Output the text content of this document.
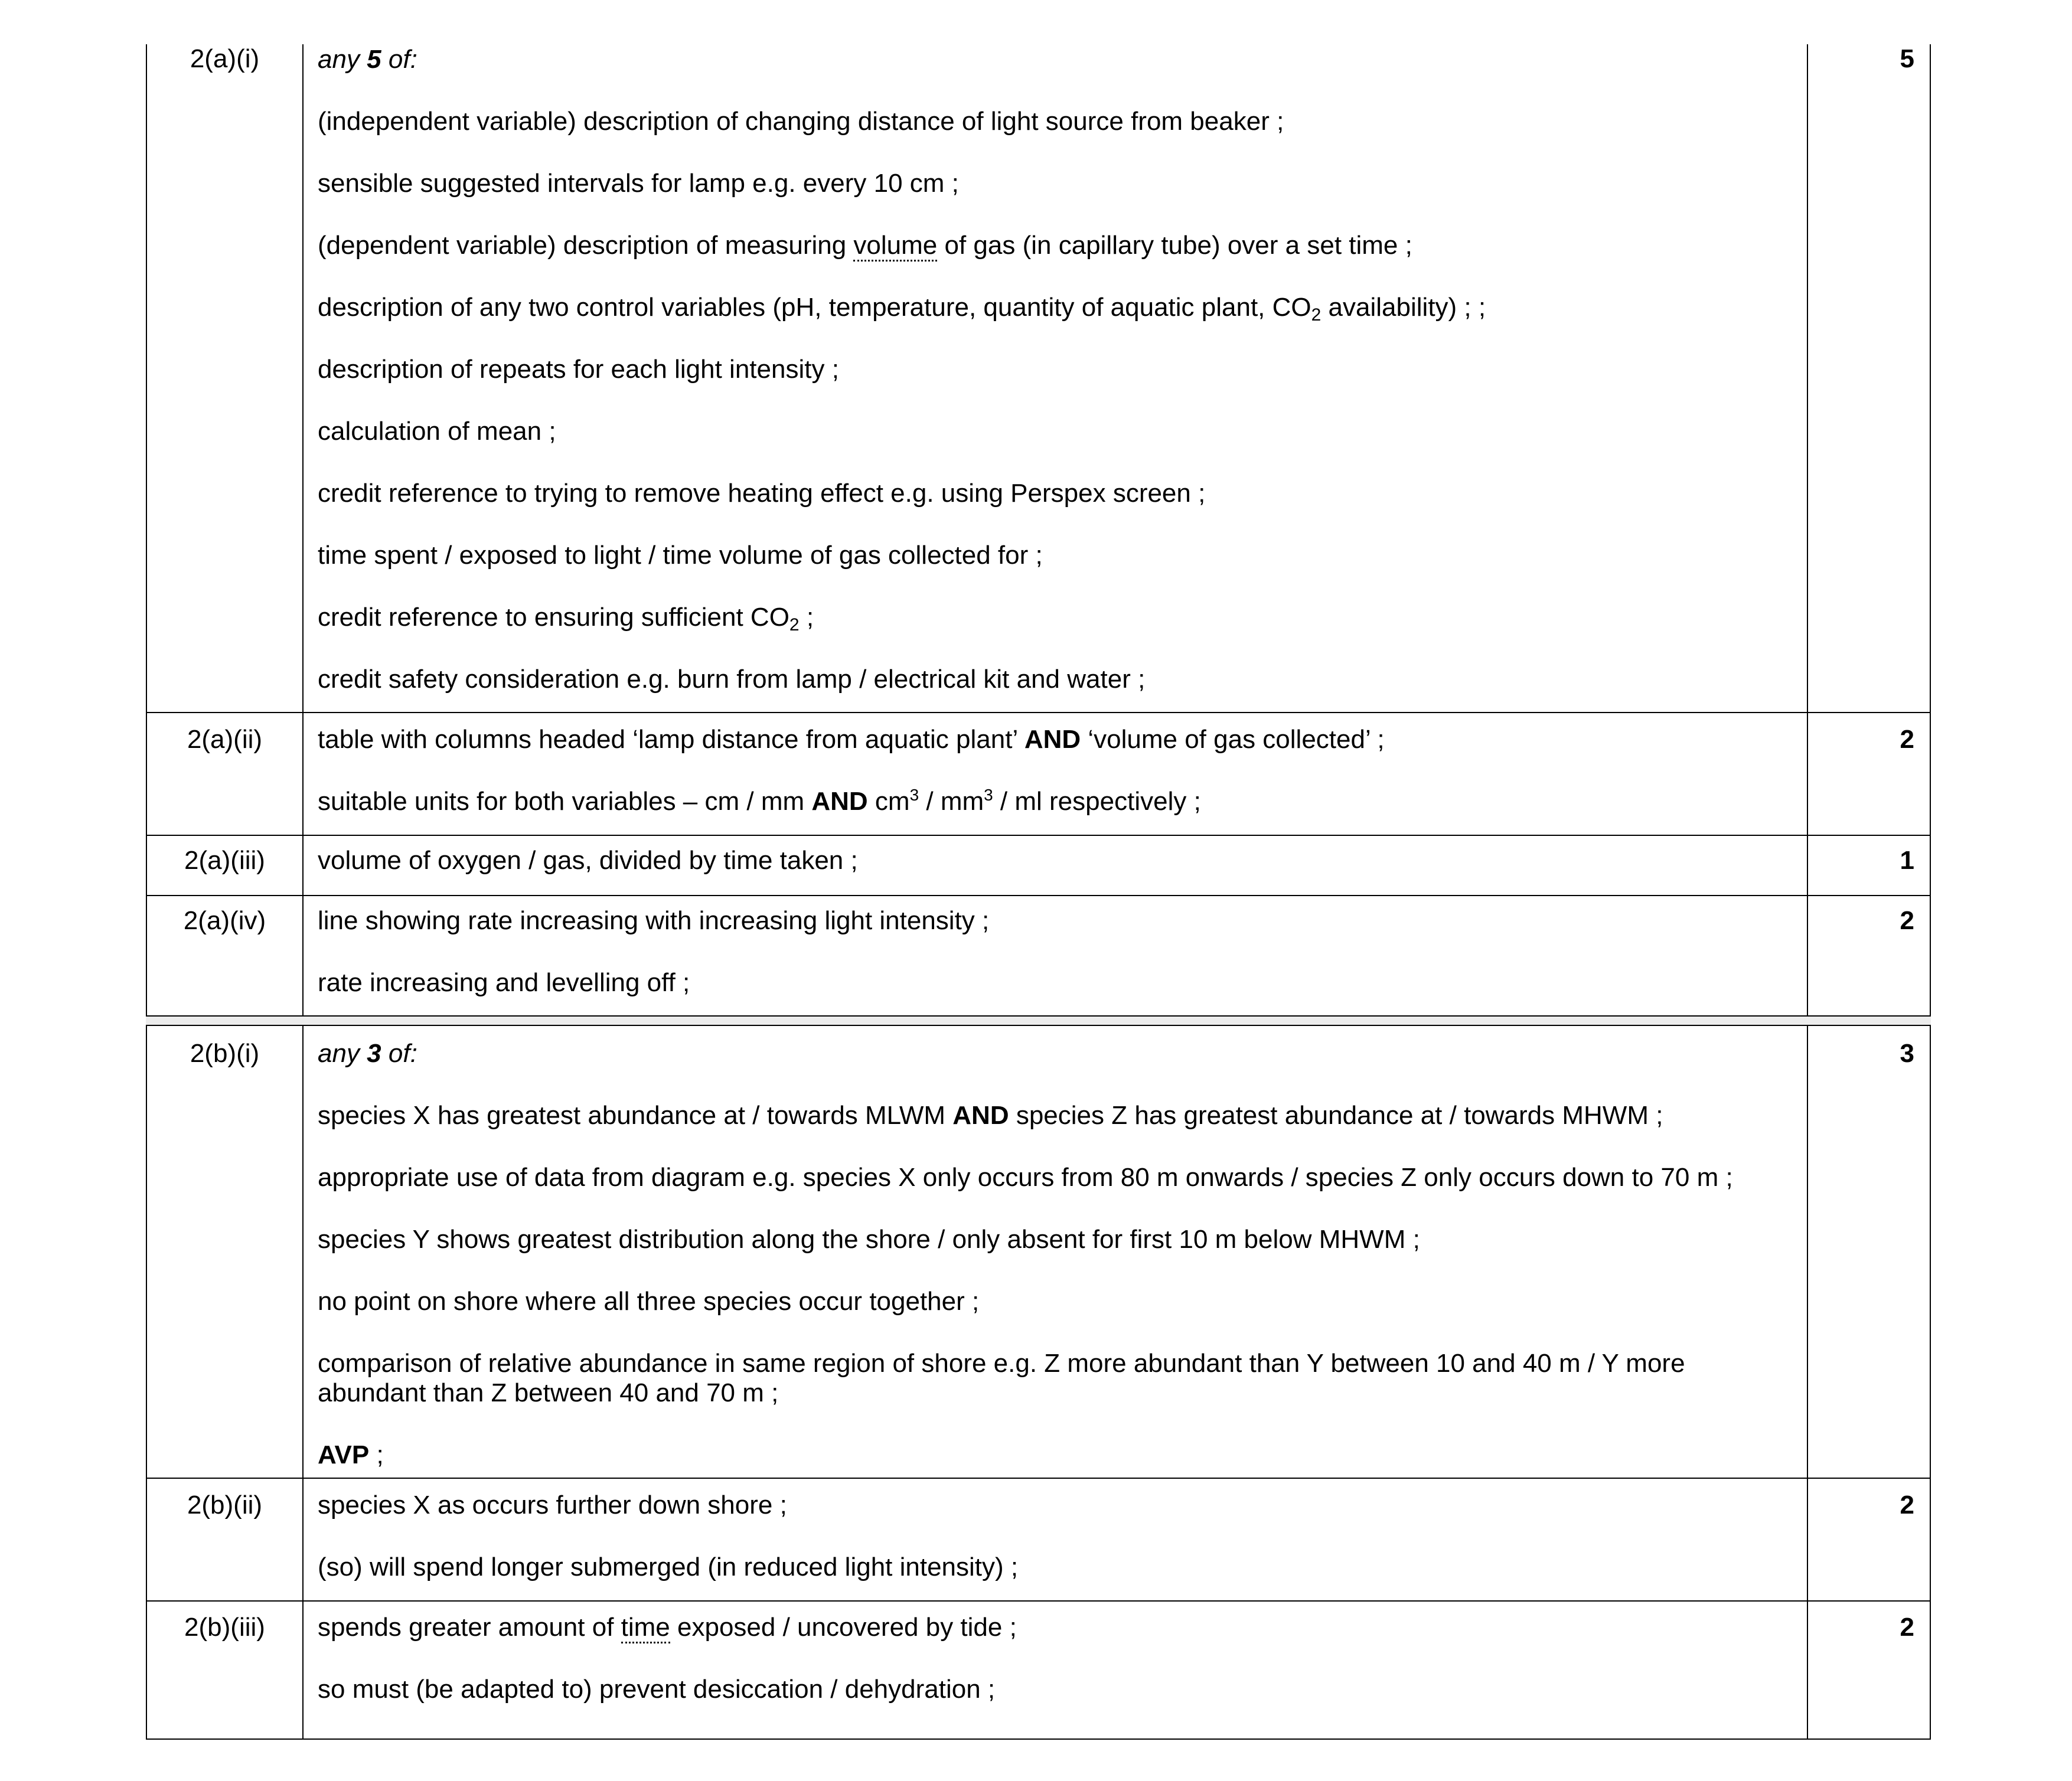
2(a)(i)	5
any 5 of:
(independent variable) description of changing distance of light source from beaker ;
sensible suggested intervals for lamp e.g. every 10 cm ;
(dependent variable) description of measuring volume of gas (in capillary tube) over a set time ;
description of any two control variables (pH, temperature, quantity of aquatic plant, $CO_2$ availability) ; ;
description of repeats for each light intensity ;
calculation of mean ;
credit reference to trying to remove heating effect e.g. using Perspex screen ;
time spent / exposed to light / time volume of gas collected for ;
credit reference to ensuring sufficient $CO_2$ ;
credit safety consideration e.g. burn from lamp / electrical kit and water ;
2(a)(ii)	2
table with columns headed ‘lamp distance from aquatic plant’ AND ‘volume of gas collected’ ;
suitable units for both variables – cm / mm AND $cm^3 / mm^3$ / ml respectively ;
2(a)(iii)	1
volume of oxygen / gas, divided by time taken ;
2(a)(iv)	2
line showing rate increasing with increasing light intensity ;
rate increasing and levelling off ;
2(b)(i)	3
any 3 of:
species X has greatest abundance at / towards MLWM AND species Z has greatest abundance at / towards MHWM ;
appropriate use of data from diagram e.g. species X only occurs from 80 m onwards / species Z only occurs down to 70 m ;
species Y shows greatest distribution along the shore / only absent for first 10 m below MHWM ;
no point on shore where all three species occur together ;
comparison of relative abundance in same region of shore e.g. Z more abundant than Y between 10 and 40 m / Y more
abundant than Z between 40 and 70 m ;
AVP ;
2(b)(ii)	2
species X as occurs further down shore ;
(so) will spend longer submerged (in reduced light intensity) ;
2(b)(iii)	2
spends greater amount of time exposed / uncovered by tide ;
so must (be adapted to) prevent desiccation / dehydration ;
